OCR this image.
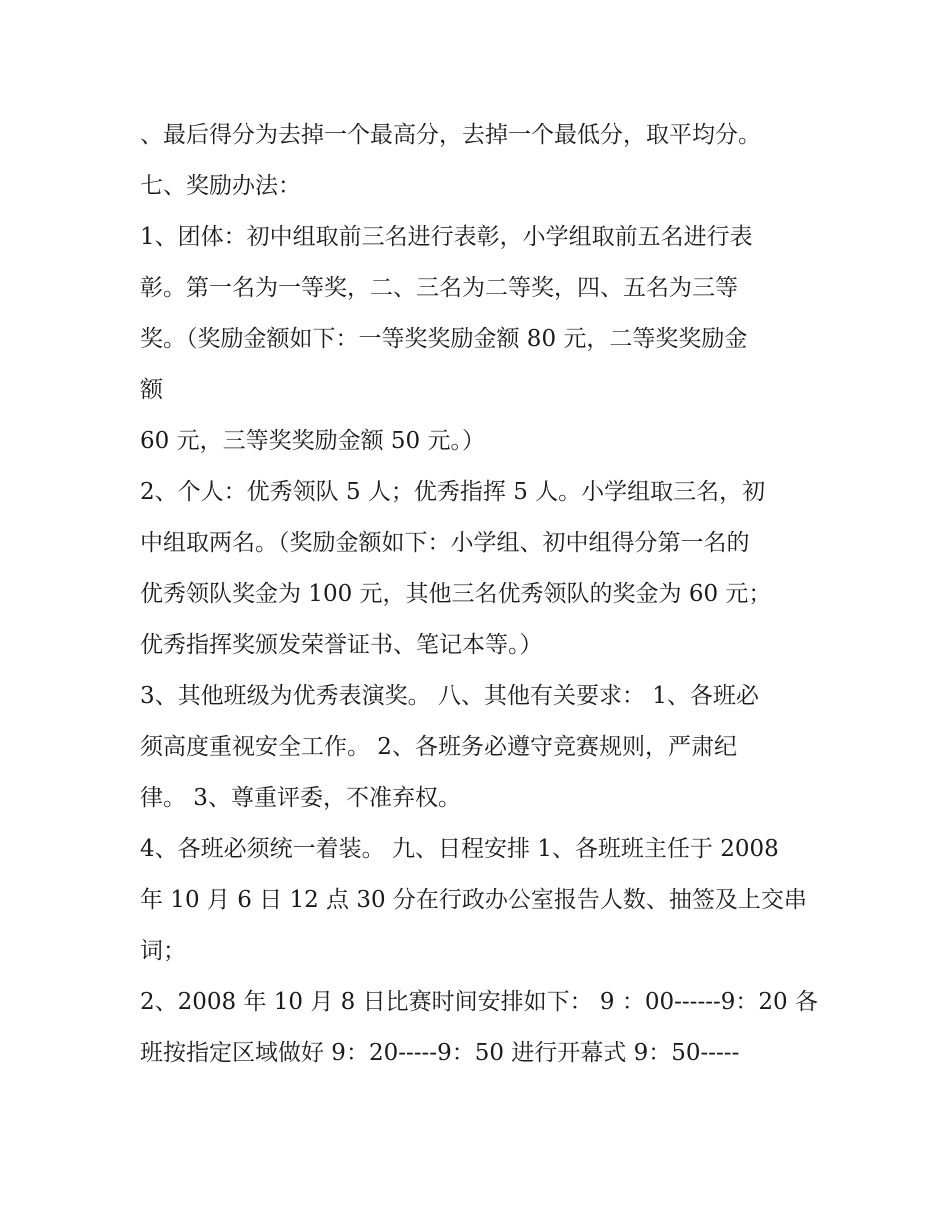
、最后得分为去掉一个最高分，去掉一个最低分，取平均分。
七、奖励办法：
1、团体：初中组取前三名进行表彰，小学组取前五名进行表
彰。第一名为一等奖，二、三名为二等奖，四、五名为三等
奖。（奖励金额如下：一等奖奖励金额 80 元，二等奖奖励金
额
60 元，三等奖奖励金额 50 元。）
2、个人：优秀领队 5 人；优秀指挥 5 人。小学组取三名，初
中组取两名。（奖励金额如下：小学组、初中组得分第一名的
优秀领队奖金为 100 元，其他三名优秀领队的奖金为 60 元；
优秀指挥奖颁发荣誉证书、笔记本等。）
3、其他班级为优秀表演奖。 八、其他有关要求： 1、各班必
须高度重视安全工作。 2、各班务必遵守竞赛规则，严肃纪
律。 3、尊重评委，不准弃权。
4、各班必须统一着装。 九、日程安排 1、各班班主任于 2008
年 10 月 6 日 12 点 30 分在行政办公室报告人数、抽签及上交串
词；
2、2008 年 10 月 8 日比赛时间安排如下： 9 ：00------9：20 各
班按指定区域做好 9：20-----9：50 进行开幕式 9：50-----
